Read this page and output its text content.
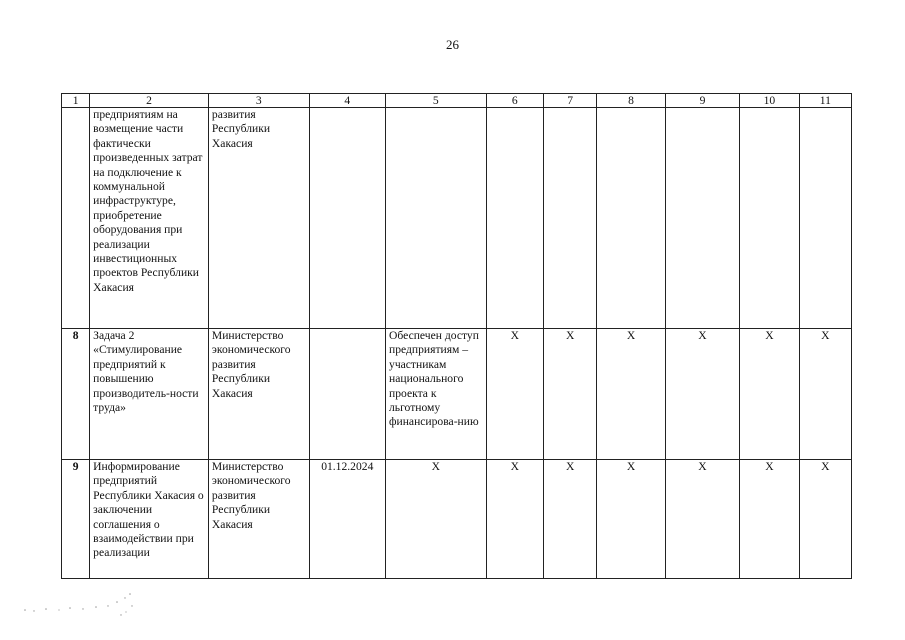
26
1	2	3	4	5	6	7	8	9	10	11
	предприятиям на возмещение части фактически произведенных затрат на подключение к коммунальной инфраструктуре, приобретение оборудования при реализации инвестиционных проектов Республики Хакасия	развития Республики Хакасия								
8	Задача 2 «Стимулирование предприятий к повышению производитель-ности труда»	Министерство экономического развития Республики Хакасия		Обеспечен доступ предприятиям – участникам национального проекта к льготному финансирова-нию	X	X	X	X	X	X
9	Информирование предприятий Республики Хакасия о заключении соглашения о взаимодействии при реализации	Министерство экономического развития Республики Хакасия	01.12.2024	X	X	X	X	X	X	X
